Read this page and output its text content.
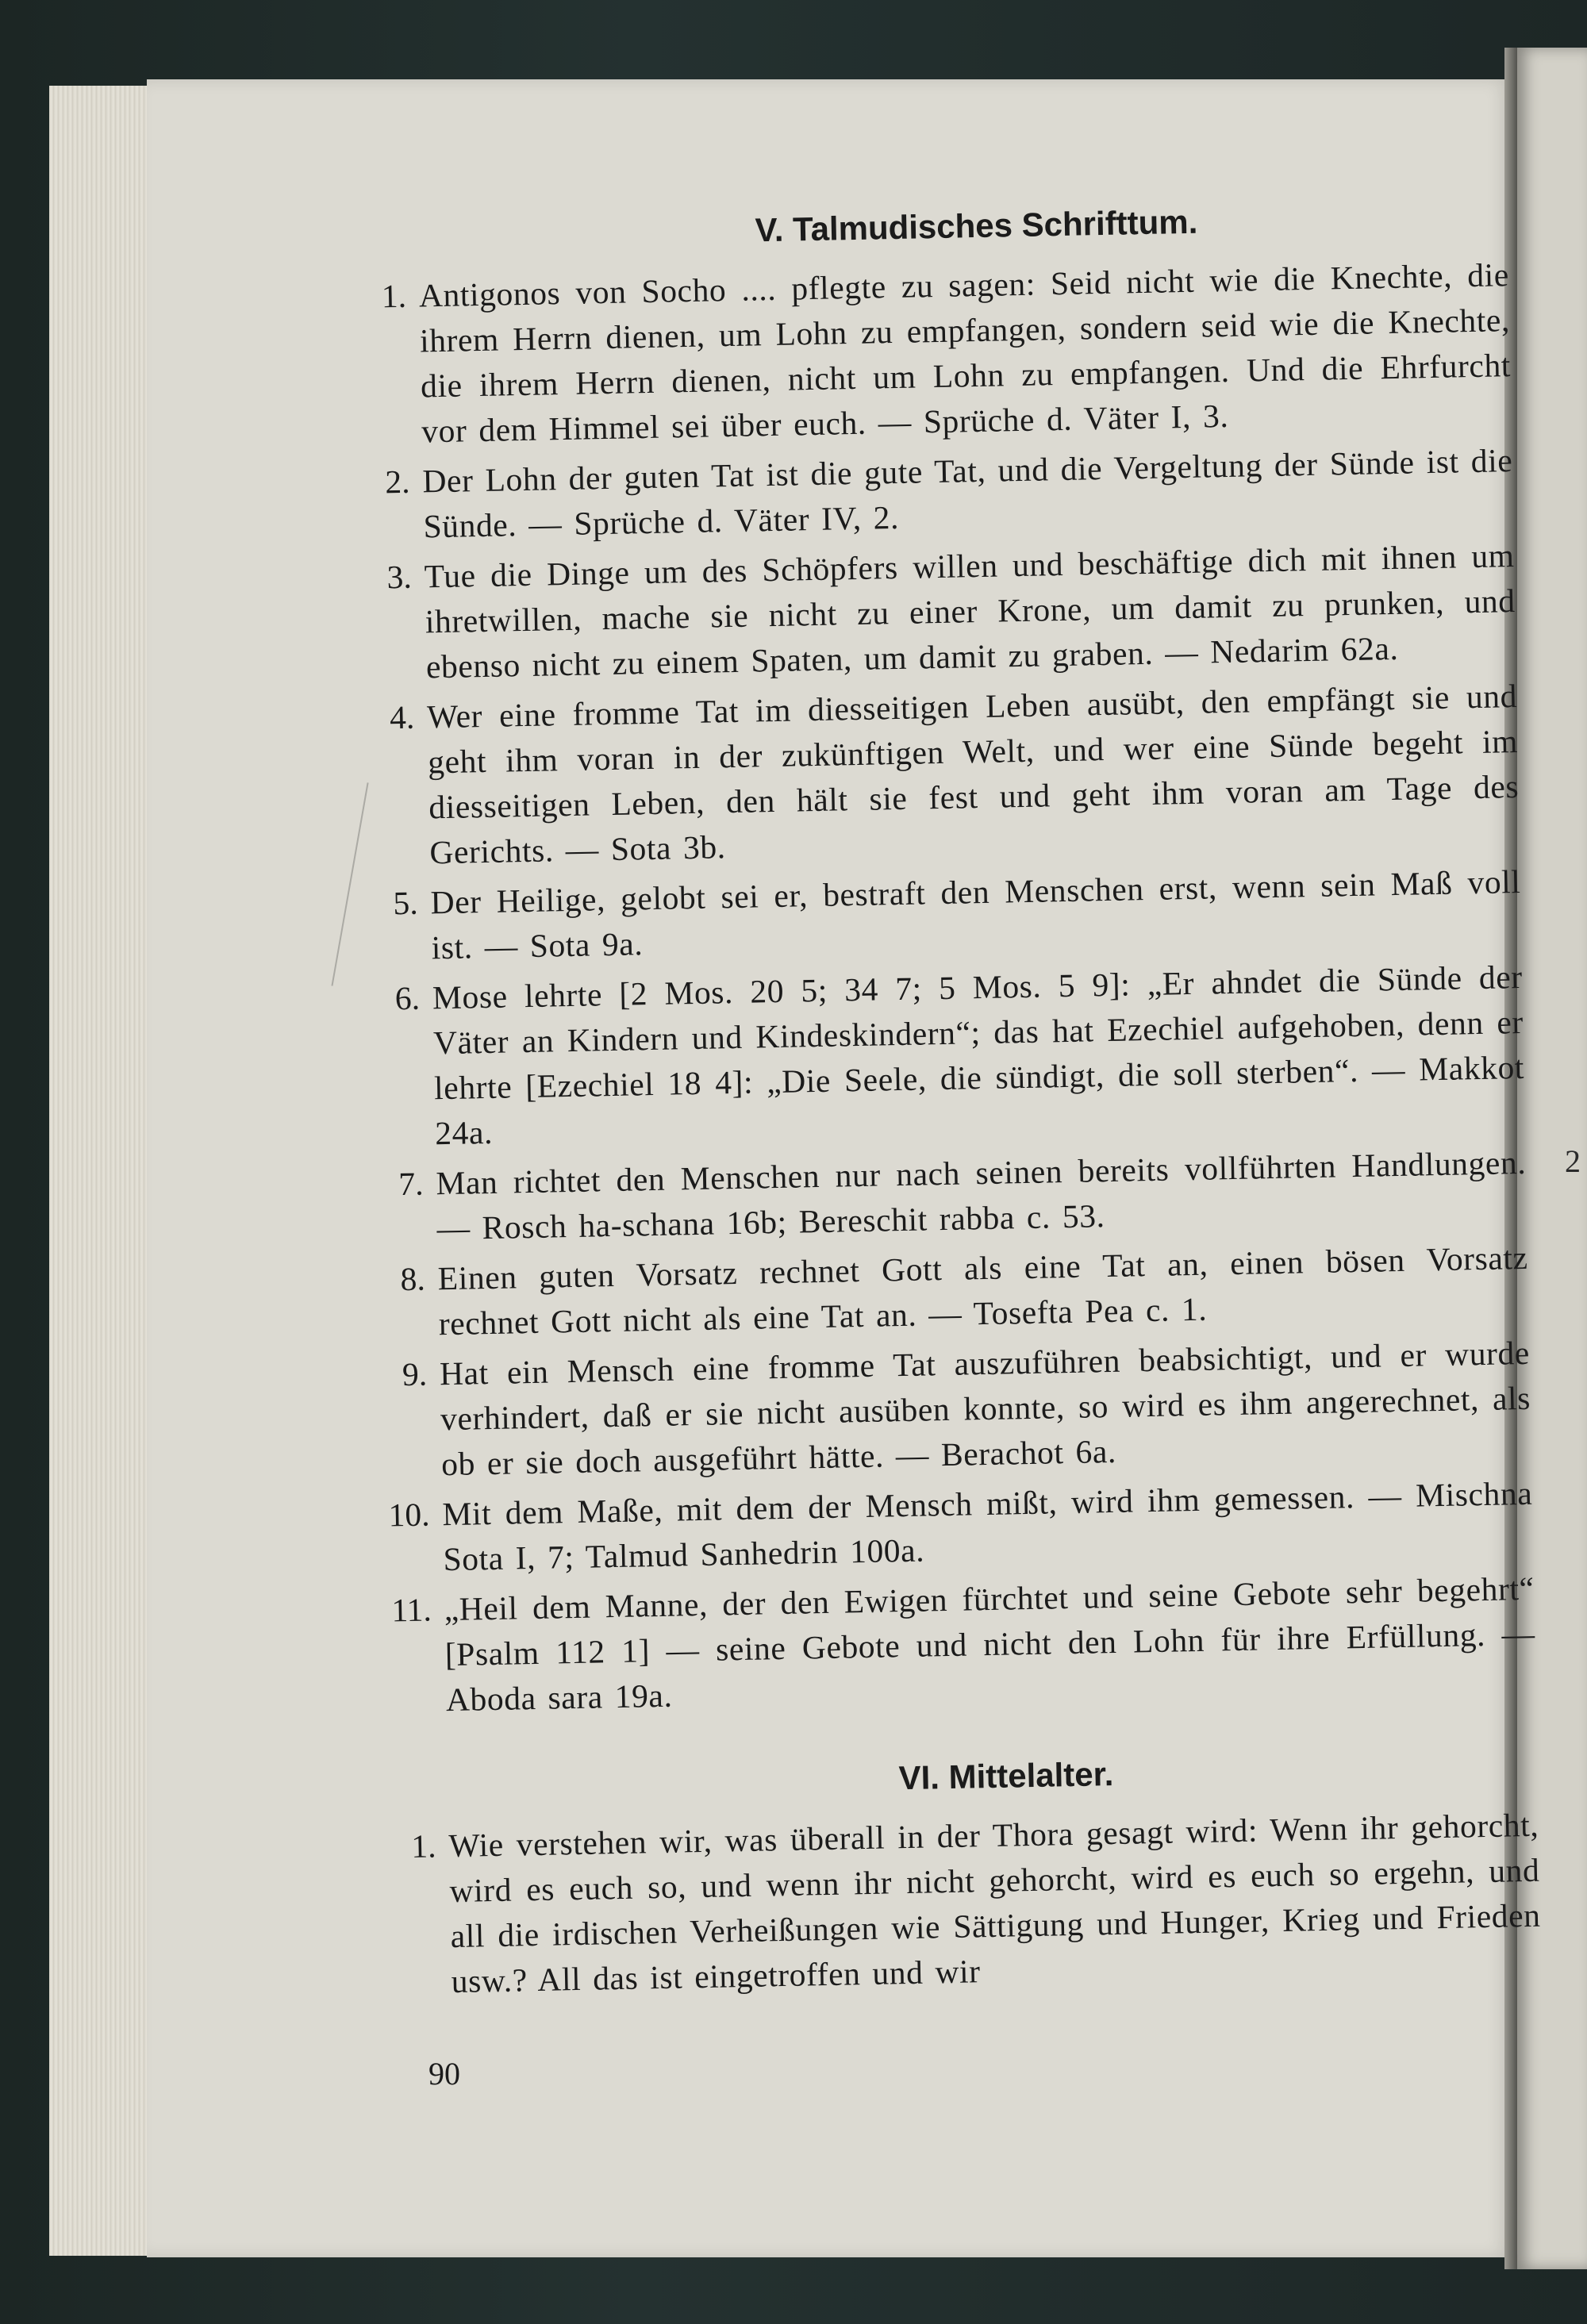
2
V. Talmudisches Schrifttum.
1. Antigonos von Socho .... pflegte zu sagen: Seid nicht wie die Knechte, die ihrem Herrn dienen, um Lohn zu empfangen, sondern seid wie die Knechte, die ihrem Herrn dienen, nicht um Lohn zu empfangen. Und die Ehrfurcht vor dem Himmel sei über euch. — Sprüche d. Väter I, 3.
2. Der Lohn der guten Tat ist die gute Tat, und die Vergeltung der Sünde ist die Sünde. — Sprüche d. Väter IV, 2.
3. Tue die Dinge um des Schöpfers willen und beschäftige dich mit ihnen um ihretwillen, mache sie nicht zu einer Krone, um damit zu prunken, und ebenso nicht zu einem Spaten, um damit zu graben. — Nedarim 62a.
4. Wer eine fromme Tat im diesseitigen Leben ausübt, den empfängt sie und geht ihm voran in der zukünftigen Welt, und wer eine Sünde begeht im diesseitigen Leben, den hält sie fest und geht ihm voran am Tage des Gerichts. — Sota 3b.
5. Der Heilige, gelobt sei er, bestraft den Menschen erst, wenn sein Maß voll ist. — Sota 9a.
6. Mose lehrte [2 Mos. 20 5; 34 7; 5 Mos. 5 9]: „Er ahndet die Sünde der Väter an Kindern und Kindeskindern“; das hat Ezechiel aufgehoben, denn er lehrte [Ezechiel 18 4]: „Die Seele, die sündigt, die soll sterben“. — Makkot 24a.
7. Man richtet den Menschen nur nach seinen bereits vollführten Handlungen. — Rosch ha-schana 16b; Bereschit rabba c. 53.
8. Einen guten Vorsatz rechnet Gott als eine Tat an, einen bösen Vorsatz rechnet Gott nicht als eine Tat an. — Tosefta Pea c. 1.
9. Hat ein Mensch eine fromme Tat auszuführen beabsichtigt, und er wurde verhindert, daß er sie nicht ausüben konnte, so wird es ihm angerechnet, als ob er sie doch ausgeführt hätte. — Berachot 6a.
10. Mit dem Maße, mit dem der Mensch mißt, wird ihm gemessen. — Mischna Sota I, 7; Talmud Sanhedrin 100a.
11. „Heil dem Manne, der den Ewigen fürchtet und seine Gebote sehr begehrt“ [Psalm 112 1] — seine Gebote und nicht den Lohn für ihre Erfüllung. — Aboda sara 19a.
VI. Mittelalter.
1. Wie verstehen wir, was überall in der Thora gesagt wird: Wenn ihr gehorcht, wird es euch so, und wenn ihr nicht gehorcht, wird es euch so ergehn, und all die irdischen Verheißungen wie Sättigung und Hunger, Krieg und Frieden usw.? All das ist eingetroffen und wir
90
